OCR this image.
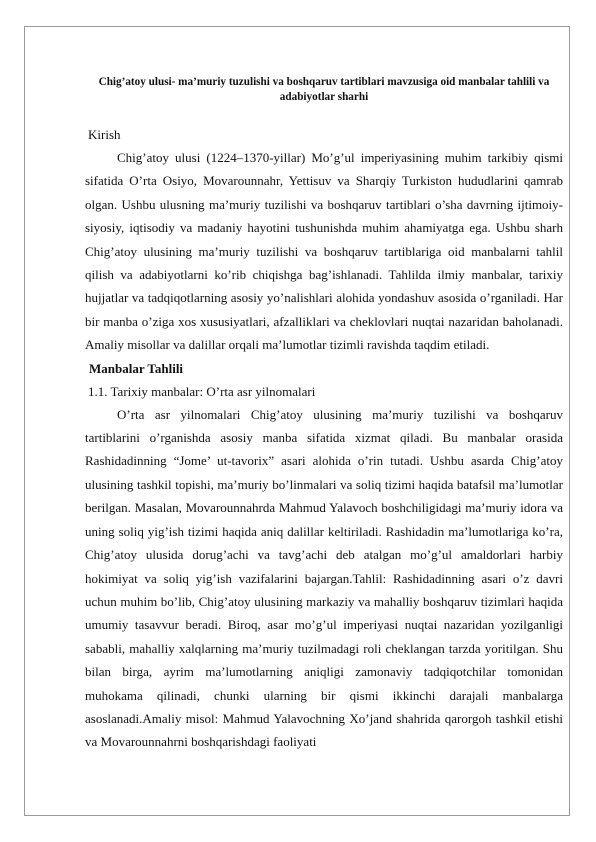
Chig’atoy ulusi- ma’muriy tuzulishi va boshqaruv tartiblari mavzusiga oid manbalar tahlili va adabiyotlar sharhi

Kirish

Chig’atoy ulusi (1224–1370-yillar) Mo’g’ul imperiyasining muhim tarkibiy qismi sifatida O’rta Osiyo, Movarounnahr, Yettisuv va Sharqiy Turkiston hududlarini qamrab olgan. Ushbu ulusning ma’muriy tuzilishi va boshqaruv tartiblari o’sha davrning ijtimoiy-siyosiy, iqtisodiy va madaniy hayotini tushunishda muhim ahamiyatga ega. Ushbu sharh Chig’atoy ulusining ma’muriy tuzilishi va boshqaruv tartiblariga oid manbalarni tahlil qilish va adabiyotlarni ko’rib chiqishga bag’ishlanadi. Tahlilda ilmiy manbalar, tarixiy hujjatlar va tadqiqotlarning asosiy yo’nalishlari alohida yondashuv asosida o’rganiladi. Har bir manba o’ziga xos xususiyatlari, afzalliklari va cheklovlari nuqtai nazaridan baholanadi. Amaliy misollar va dalillar orqali ma’lumotlar tizimli ravishda taqdim etiladi.

Manbalar Tahlili

1.1. Tarixiy manbalar: O’rta asr yilnomalari

O’rta asr yilnomalari Chig’atoy ulusining ma’muriy tuzilishi va boshqaruv tartiblarini o’rganishda asosiy manba sifatida xizmat qiladi. Bu manbalar orasida Rashidadinning “Jome’ ut-tavorix” asari alohida o’rin tutadi. Ushbu asarda Chig’atoy ulusining tashkil topishi, ma’muriy bo’linmalari va soliq tizimi haqida batafsil ma’lumotlar berilgan. Masalan, Movarounnahrda Mahmud Yalavoch boshchiligidagi ma’muriy idora va uning soliq yig’ish tizimi haqida aniq dalillar keltiriladi. Rashidadin ma’lumotlariga ko’ra, Chig’atoy ulusida dorug’achi va tavg’achi deb atalgan mo’g’ul amaldorlari harbiy hokimiyat va soliq yig’ish vazifalarini bajargan.Tahlil: Rashidadinning asari o’z davri uchun muhim bo’lib, Chig’atoy ulusining markaziy va mahalliy boshqaruv tizimlari haqida umumiy tasavvur beradi. Biroq, asar mo’g’ul imperiyasi nuqtai nazaridan yozilganligi sababli, mahalliy xalqlarning ma’muriy tuzilmadagi roli cheklangan tarzda yoritilgan. Shu bilan birga, ayrim ma’lumotlarning aniqligi zamonaviy tadqiqotchilar tomonidan muhokama qilinadi, chunki ularning bir qismi ikkinchi darajali manbalarga asoslanadi.Amaliy misol: Mahmud Yalavochning Xo’jand shahrida qarorgoh tashkil etishi va Movarounnahrni boshqarishdagi faoliyati
